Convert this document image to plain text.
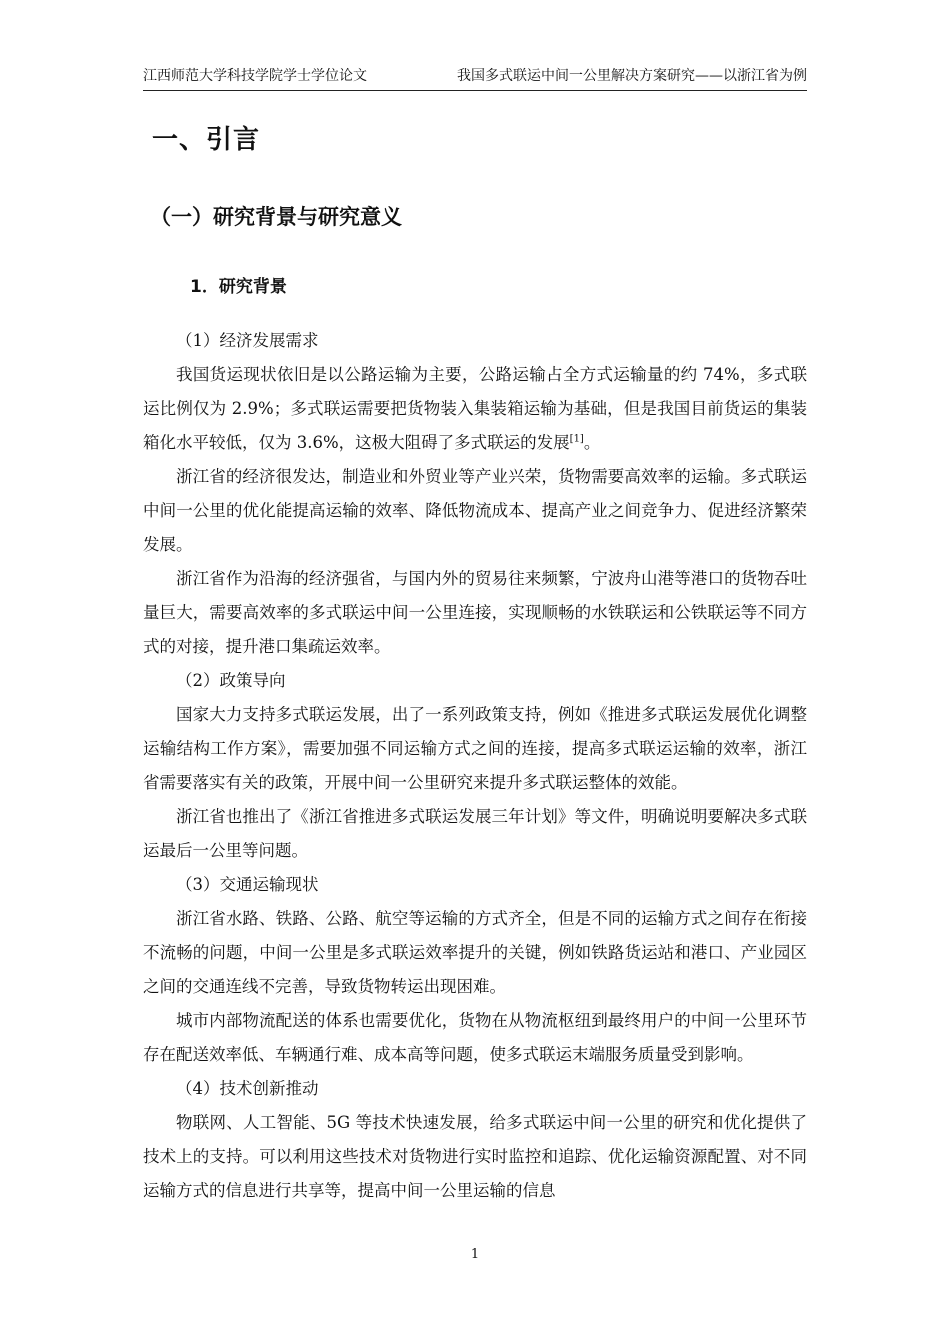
江西师范大学科技学院学士学位论文	我国多式联运中间一公里解决方案研究——以浙江省为例
一、引言
（一）研究背景与研究意义
1．研究背景

（1）经济发展需求

我国货运现状依旧是以公路运输为主要，公路运输占全方式运输量的约 74%，多式联运比例仅为 2.9%；多式联运需要把货物装入集装箱运输为基础，但是我国目前货运的集装箱化水平较低，仅为 3.6%，这极大阻碍了多式联运的发展[1]。

浙江省的经济很发达，制造业和外贸业等产业兴荣，货物需要高效率的运输。多式联运中间一公里的优化能提高运输的效率、降低物流成本、提高产业之间竞争力、促进经济繁荣发展。

浙江省作为沿海的经济强省，与国内外的贸易往来频繁，宁波舟山港等港口的货物吞吐量巨大，需要高效率的多式联运中间一公里连接，实现顺畅的水铁联运和公铁联运等不同方式的对接，提升港口集疏运效率。

（2）政策导向

国家大力支持多式联运发展，出了一系列政策支持，例如《推进多式联运发展优化调整运输结构工作方案》，需要加强不同运输方式之间的连接，提高多式联运运输的效率，浙江省需要落实有关的政策，开展中间一公里研究来提升多式联运整体的效能。

浙江省也推出了《浙江省推进多式联运发展三年计划》等文件，明确说明要解决多式联运最后一公里等问题。

（3）交通运输现状

浙江省水路、铁路、公路、航空等运输的方式齐全，但是不同的运输方式之间存在衔接不流畅的问题，中间一公里是多式联运效率提升的关键，例如铁路货运站和港口、产业园区之间的交通连线不完善，导致货物转运出现困难。

城市内部物流配送的体系也需要优化，货物在从物流枢纽到最终用户的中间一公里环节存在配送效率低、车辆通行难、成本高等问题，使多式联运末端服务质量受到影响。

（4）技术创新推动

物联网、人工智能、5G 等技术快速发展，给多式联运中间一公里的研究和优化提供了技术上的支持。可以利用这些技术对货物进行实时监控和追踪、优化运输资源配置、对不同运输方式的信息进行共享等，提高中间一公里运输的信息

1
